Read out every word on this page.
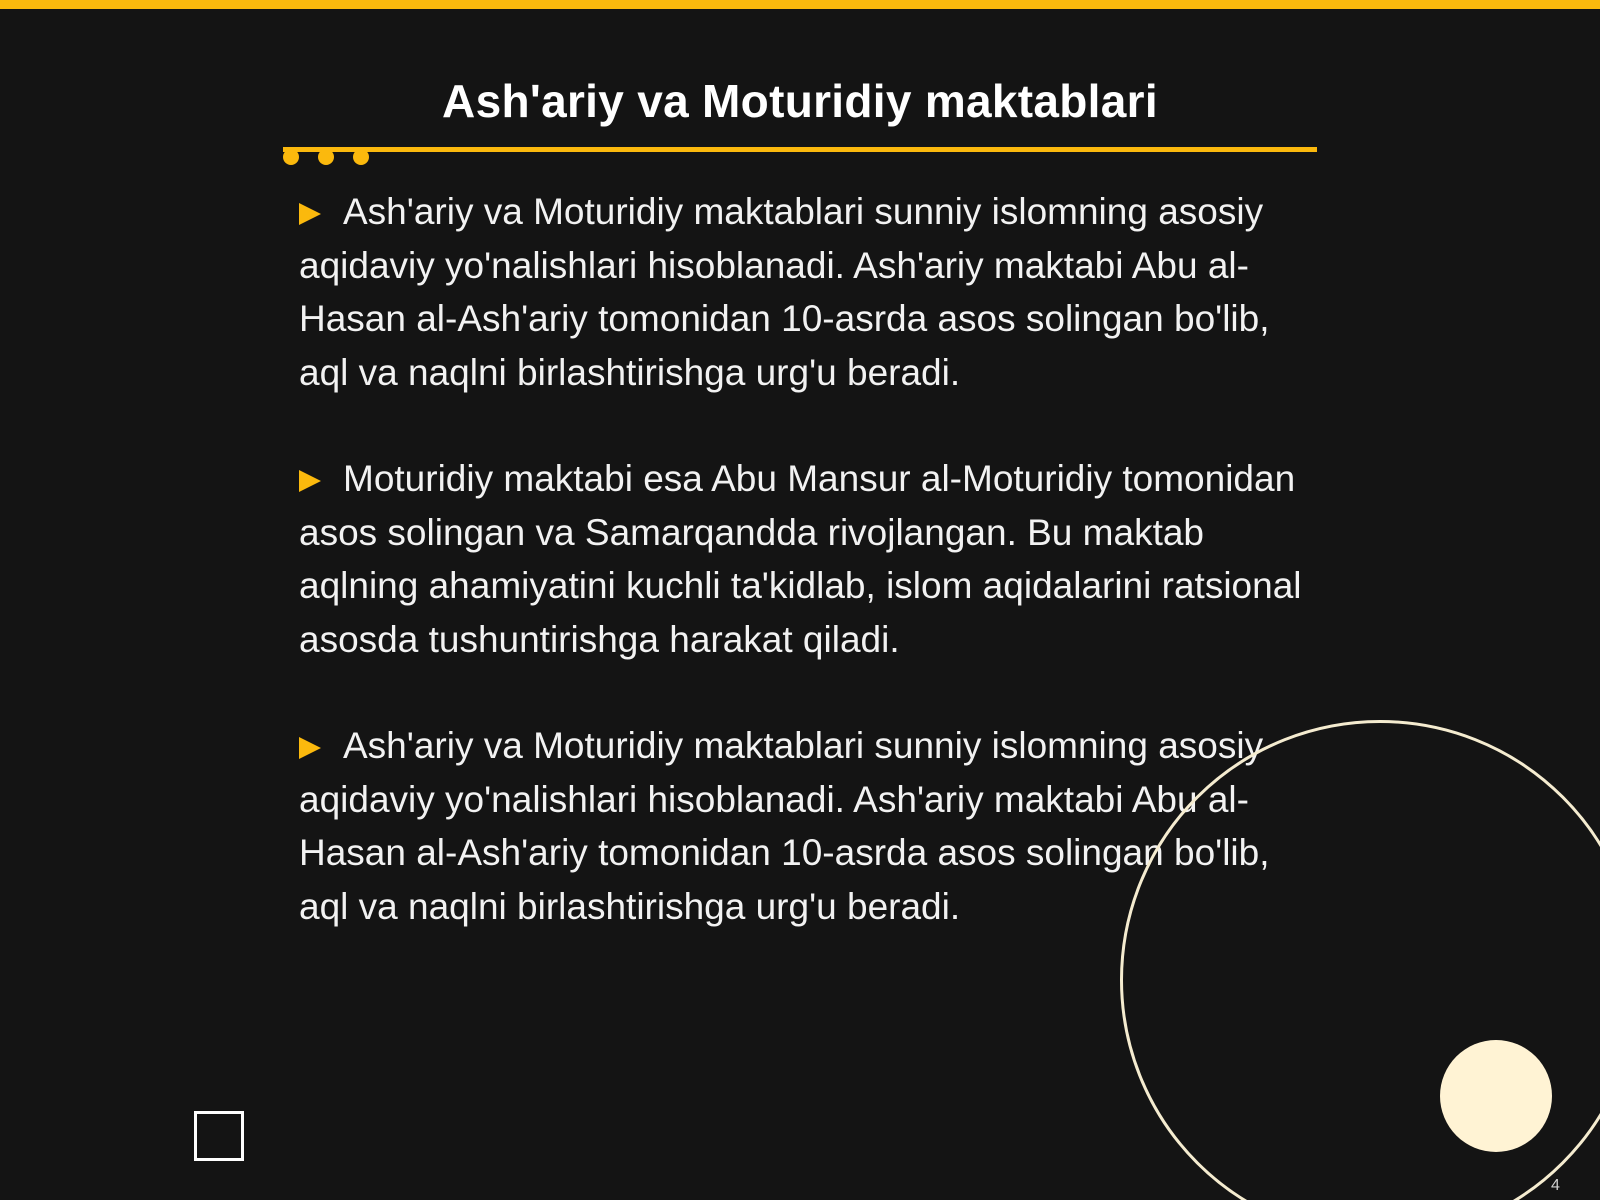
Ash'ariy va Moturidiy maktablari

Ash'ariy va Moturidiy maktablari sunniy islomning asosiy aqidaviy yo'nalishlari hisoblanadi. Ash'ariy maktabi Abu al-Hasan al-Ash'ariy tomonidan 10-asrda asos solingan bo'lib, aql va naqlni birlashtirishga urg'u beradi.

Moturidiy maktabi esa Abu Mansur al-Moturidiy tomonidan asos solingan va Samarqandda rivojlangan. Bu maktab aqlning ahamiyatini kuchli ta'kidlab, islom aqidalarini ratsional asosda tushuntirishga harakat qiladi.

Ash'ariy va Moturidiy maktablari sunniy islomning asosiy aqidaviy yo'nalishlari hisoblanadi. Ash'ariy maktabi Abu al-Hasan al-Ash'ariy tomonidan 10-asrda asos solingan bo'lib, aql va naqlni birlashtirishga urg'u beradi.

4
